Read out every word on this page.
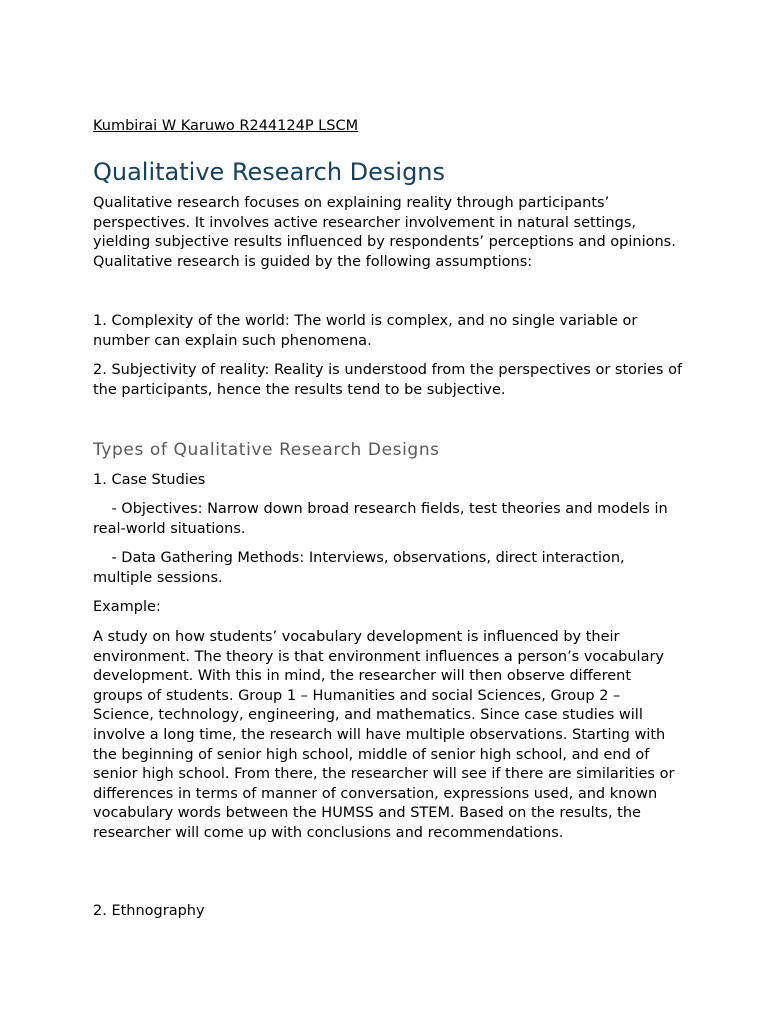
Kumbirai W Karuwo R244124P LSCM
Qualitative Research Designs

Qualitative research focuses on explaining reality through participants’ perspectives. It involves active researcher involvement in natural settings, yielding subjective results influenced by respondents’ perceptions and opinions. Qualitative research is guided by the following assumptions:

1. Complexity of the world: The world is complex, and no single variable or number can explain such phenomena.

2. Subjectivity of reality: Reality is understood from the perspectives or stories of the participants, hence the results tend to be subjective.

Types of Qualitative Research Designs

1. Case Studies

- Objectives: Narrow down broad research fields, test theories and models in real-world situations.

- Data Gathering Methods: Interviews, observations, direct interaction, multiple sessions.

Example:

A study on how students’ vocabulary development is influenced by their environment. The theory is that environment influences a person’s vocabulary development. With this in mind, the researcher will then observe different groups of students. Group 1 – Humanities and social Sciences, Group 2 – Science, technology, engineering, and mathematics. Since case studies will involve a long time, the research will have multiple observations. Starting with the beginning of senior high school, middle of senior high school, and end of senior high school. From there, the researcher will see if there are similarities or differences in terms of manner of conversation, expressions used, and known vocabulary words between the HUMSS and STEM. Based on the results, the researcher will come up with conclusions and recommendations.

2. Ethnography
